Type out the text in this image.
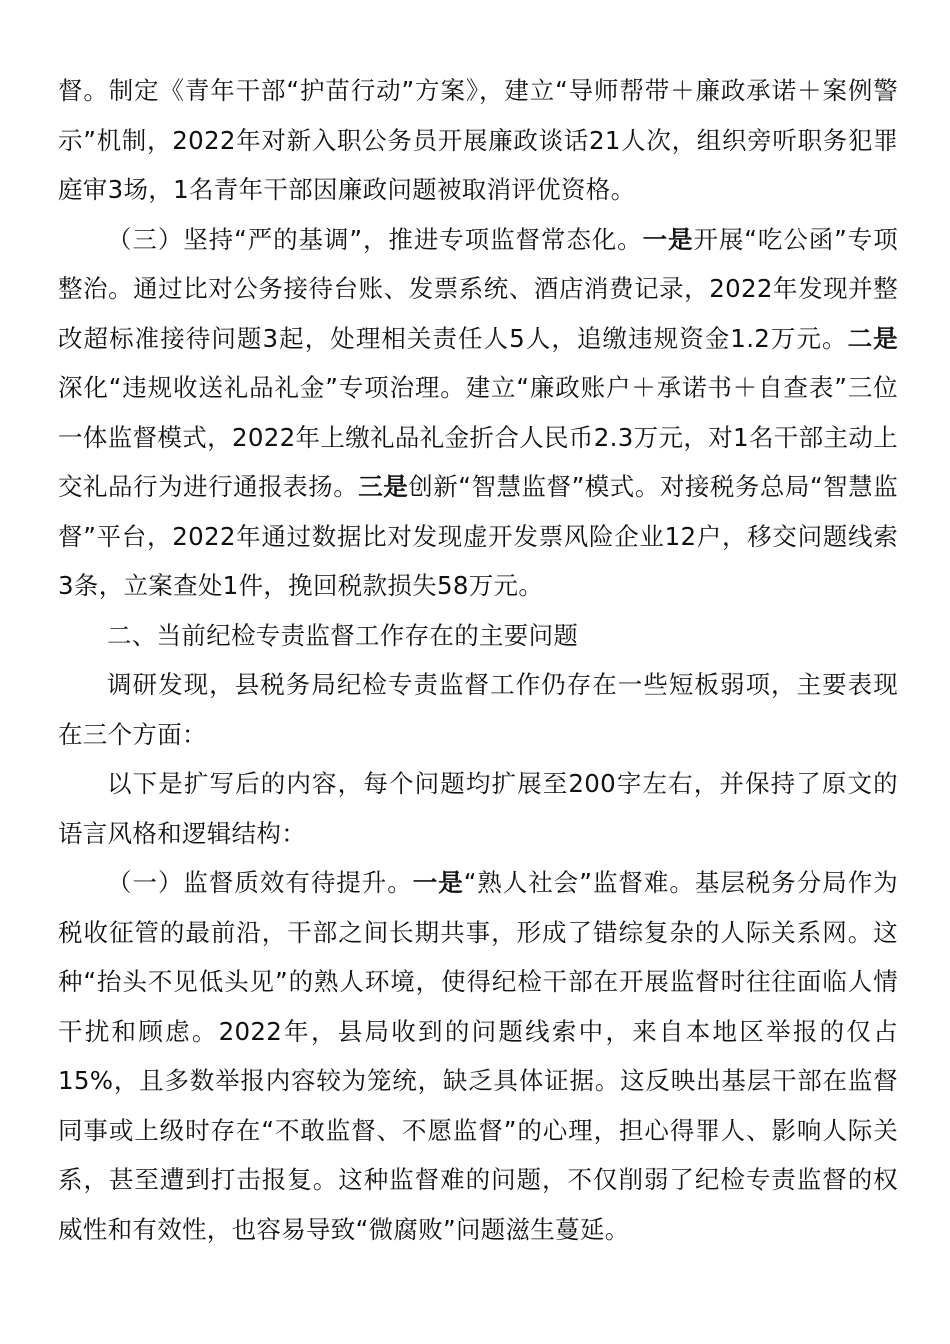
督。制定《青年干部“护苗行动”方案》，建立“导师帮带＋廉政承诺＋案例警示”机制，2022年对新入职公务员开展廉政谈话21人次，组织旁听职务犯罪庭审3场，1名青年干部因廉政问题被取消评优资格。

（三）坚持“严的基调”，推进专项监督常态化。一是开展“吃公函”专项整治。通过比对公务接待台账、发票系统、酒店消费记录，2022年发现并整改超标准接待问题3起，处理相关责任人5人，追缴违规资金1.2万元。二是深化“违规收送礼品礼金”专项治理。建立“廉政账户＋承诺书＋自查表”三位一体监督模式，2022年上缴礼品礼金折合人民币2.3万元，对1名干部主动上交礼品行为进行通报表扬。三是创新“智慧监督”模式。对接税务总局“智慧监督”平台，2022年通过数据比对发现虚开发票风险企业12户，移交问题线索3条，立案查处1件，挽回税款损失58万元。

二、当前纪检专责监督工作存在的主要问题

调研发现，县税务局纪检专责监督工作仍存在一些短板弱项，主要表现在三个方面：

以下是扩写后的内容，每个问题均扩展至200字左右，并保持了原文的语言风格和逻辑结构：

（一）监督质效有待提升。一是“熟人社会”监督难。基层税务分局作为税收征管的最前沿，干部之间长期共事，形成了错综复杂的人际关系网。这种“抬头不见低头见”的熟人环境，使得纪检干部在开展监督时往往面临人情干扰和顾虑。2022年，县局收到的问题线索中，来自本地区举报的仅占15%，且多数举报内容较为笼统，缺乏具体证据。这反映出基层干部在监督同事或上级时存在“不敢监督、不愿监督”的心理，担心得罪人、影响人际关系，甚至遭到打击报复。这种监督难的问题，不仅削弱了纪检专责监督的权威性和有效性，也容易导致“微腐败”问题滋生蔓延。
